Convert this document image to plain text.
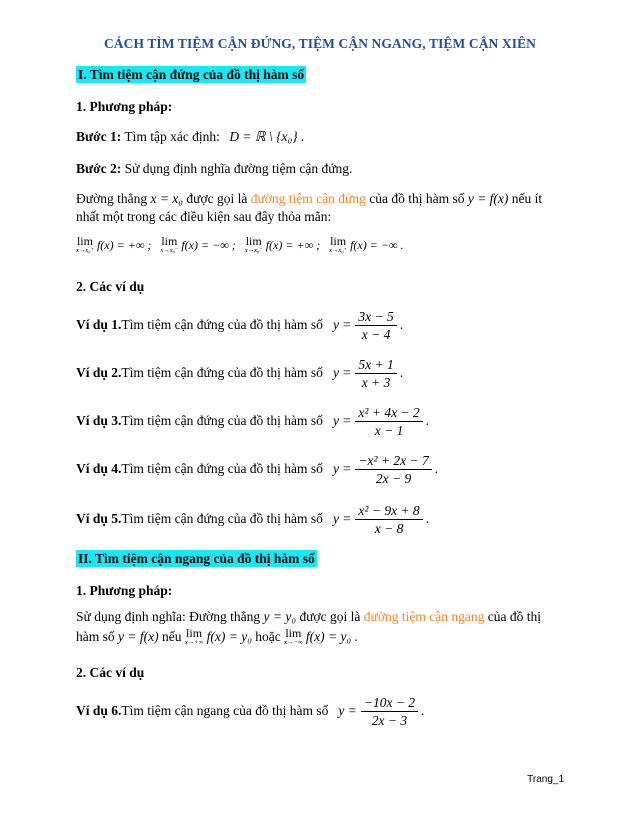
CÁCH TÌM TIỆM CẬN ĐỨNG, TIỆM CẬN NGANG, TIỆM CẬN XIÊN
I. Tìm tiệm cận đứng của đồ thị hàm số
1. Phương pháp:
Bước 1: Tìm tập xác định: D = ℝ \ {x₀} .
Bước 2: Sử dụng định nghĩa đường tiệm cận đứng.
Đường thẳng x = x₀ được gọi là đường tiệm cận đứng của đồ thị hàm số y = f(x) nếu ít
nhất một trong các điều kiện sau đây thỏa mãn:
lim
x→x₀⁺ f(x) = +∞ ; lim
x→x₀⁻ f(x) = −∞ ; lim
x→x₀⁻ f(x) = +∞ ; lim
x→x₀⁺ f(x) = −∞ .
2. Các ví dụ
Ví dụ 1. Tìm tiệm cận đứng của đồ thị hàm số $y = \frac{3x - 5}{x - 4}$ .
Ví dụ 2. Tìm tiệm cận đứng của đồ thị hàm số $y = \frac{5x + 1}{x + 3}$ .
Ví dụ 3. Tìm tiệm cận đứng của đồ thị hàm số $y = \frac{\text{x² + 4x − 2}}{x - 1}$ .
Ví dụ 4. Tìm tiệm cận đứng của đồ thị hàm số $y = \frac{\text{−x² + 2x − 7}}{2x - 9}$ .
Ví dụ 5. Tìm tiệm cận đứng của đồ thị hàm số $y = \frac{\text{x² − 9x + 8}}{x - 8}$ .
II. Tìm tiệm cận ngang của đồ thị hàm số
1. Phương pháp:
Sử dụng định nghĩa: Đường thẳng y = y₀ được gọi là đường tiệm cận ngang của đồ thị
hàm số y = f(x) nếu lim
x→+∞ f(x) = y₀ hoặc lim
x→−∞ f(x) = y₀ .
2. Các ví dụ
Ví dụ 6. Tìm tiệm cận ngang của đồ thị hàm số $y = \frac{-10x - 2}{2x - 3}$ .
Trang_1
